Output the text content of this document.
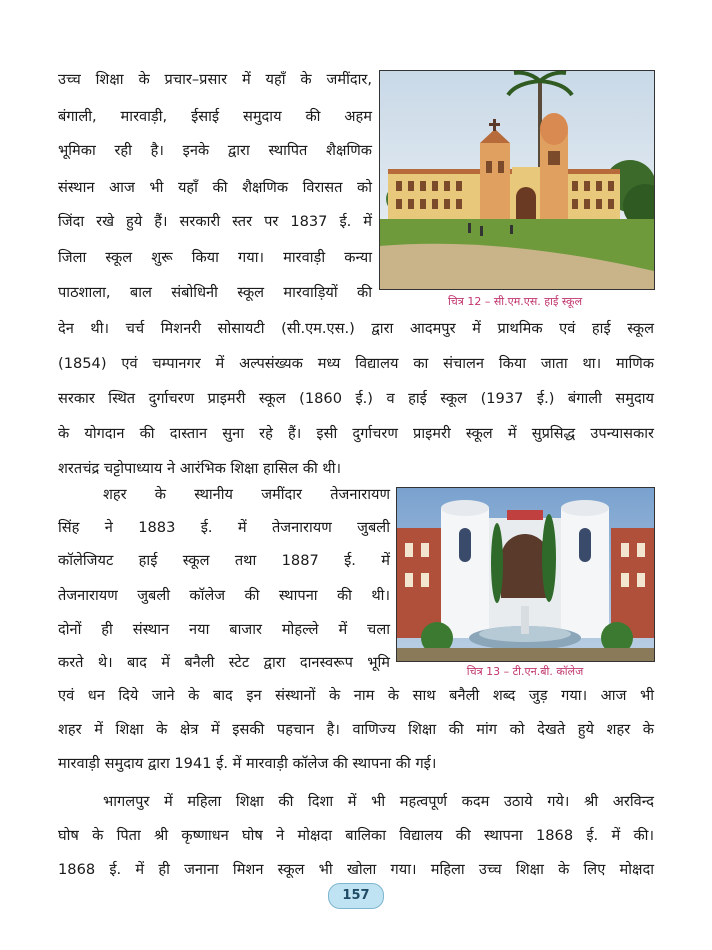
उच्च शिक्षा के प्रचार–प्रसार में यहाँ के जमींदार,
बंगाली, मारवाड़ी, ईसाई समुदाय की अहम
भूमिका रही है। इनके द्वारा स्थापित शैक्षणिक
संस्थान आज भी यहाँ की शैक्षणिक विरासत को
जिंदा रखे हुये हैं। सरकारी स्तर पर 1837 ई. में
जिला स्कूल शुरू किया गया। मारवाड़ी कन्या
पाठशाला, बाल संबोधिनी स्कूल मारवाड़ियों की
देन थी। चर्च मिशनरी सोसायटी (सी.एम.एस.) द्वारा आदमपुर में प्राथमिक एवं हाई स्कूल
(1854) एवं चम्पानगर में अल्पसंख्यक मध्य विद्यालय का संचालन किया जाता था। माणिक
सरकार स्थित दुर्गाचरण प्राइमरी स्कूल (1860 ई.) व हाई स्कूल (1937 ई.) बंगाली समुदाय
के योगदान की दास्तान सुना रहे हैं। इसी दुर्गाचरण प्राइमरी स्कूल में सुप्रसिद्ध उपन्यासकार
शरतचंद्र चट्टोपाध्याय ने आरंभिक शिक्षा हासिल की थी।
चित्र 12 – सी.एम.एस. हाई स्कूल
शहर के स्थानीय जमींदार तेजनारायण
सिंह ने 1883 ई. में तेजनारायण जुबली
कॉलेजियट हाई स्कूल तथा 1887 ई. में
तेजनारायण जुबली कॉलेज की स्थापना की थी।
दोनों ही संस्थान नया बाजार मोहल्ले में चला
करते थे। बाद में बनैली स्टेट द्वारा दानस्वरूप भूमि
एवं धन दिये जाने के बाद इन संस्थानों के नाम के साथ बनैली शब्द जुड़ गया। आज भी
शहर में शिक्षा के क्षेत्र में इसकी पहचान है। वाणिज्य शिक्षा की मांग को देखते हुये शहर के
मारवाड़ी समुदाय द्वारा 1941 ई. में मारवाड़ी कॉलेज की स्थापना की गई।
चित्र 13 – टी.एन.बी. कॉलेज
भागलपुर में महिला शिक्षा की दिशा में भी महत्वपूर्ण कदम उठाये गये। श्री अरविन्द
घोष के पिता श्री कृष्णाधन घोष ने मोक्षदा बालिका विद्यालय की स्थापना 1868 ई. में की।
1868 ई. में ही जनाना मिशन स्कूल भी खोला गया। महिला उच्च शिक्षा के लिए मोक्षदा
157
